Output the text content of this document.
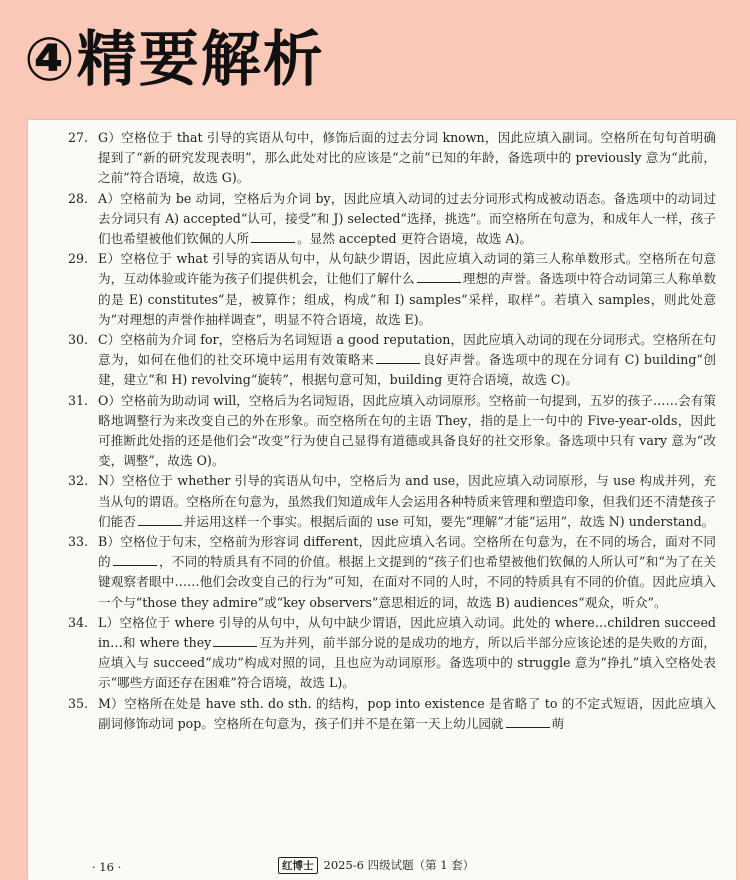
④精要解析

27. G）空格位于 that 引导的宾语从句中，修饰后面的过去分词 known，因此应填入副词。空格所在句句首明确提到了“新的研究发现表明”，那么此处对比的应该是“之前”已知的年龄，备选项中的 previously 意为“此前，之前”符合语境，故选 G)。

28. A）空格前为 be 动词，空格后为介词 by，因此应填入动词的过去分词形式构成被动语态。备选项中的动词过去分词只有 A) accepted“认可，接受”和 J) selected“选择，挑选”。而空格所在句意为，和成年人一样，孩子们也希望被他们钦佩的人所	。显然 accepted 更符合语境，故选 A)。

29. E）空格位于 what 引导的宾语从句中，从句缺少谓语，因此应填入动词的第三人称单数形式。空格所在句意为，互动体验或许能为孩子们提供机会，让他们了解什么	理想的声誉。备选项中符合动词第三人称单数的是 E) constitutes“是，被算作；组成，构成”和 I) samples“采样，取样”。若填入 samples，则此处意为“对理想的声誉作抽样调查”，明显不符合语境，故选 E)。

30. C）空格前为介词 for，空格后为名词短语 a good reputation，因此应填入动词的现在分词形式。空格所在句意为，如何在他们的社交环境中运用有效策略来	良好声誉。备选项中的现在分词有 C) building“创建，建立”和 H) revolving“旋转”，根据句意可知，building 更符合语境，故选 C)。

31. O）空格前为助动词 will，空格后为名词短语，因此应填入动词原形。空格前一句提到，五岁的孩子……会有策略地调整行为来改变自己的外在形象。而空格所在句的主语 They，指的是上一句中的 Five-year-olds，因此可推断此处指的还是他们会“改变”行为使自己显得有道德或具备良好的社交形象。备选项中只有 vary 意为“改变，调整”，故选 O)。

32. N）空格位于 whether 引导的宾语从句中，空格后为 and use，因此应填入动词原形，与 use 构成并列，充当从句的谓语。空格所在句意为，虽然我们知道成年人会运用各种特质来管理和塑造印象，但我们还不清楚孩子们能否	并运用这样一个事实。根据后面的 use 可知，要先“理解”才能“运用”，故选 N) understand。

33. B）空格位于句末，空格前为形容词 different，因此应填入名词。空格所在句意为，在不同的场合，面对不同的	，不同的特质具有不同的价值。根据上文提到的“孩子们也希望被他们钦佩的人所认可”和“为了在关键观察者眼中……他们会改变自己的行为”可知，在面对不同的人时，不同的特质具有不同的价值。因此应填入一个与“those they admire”或“key observers”意思相近的词，故选 B) audiences“观众，听众”。

34. L）空格位于 where 引导的从句中，从句中缺少谓语，因此应填入动词。此处的 where…children succeed in…和 where they	互为并列，前半部分说的是成功的地方，所以后半部分应该论述的是失败的方面，应填入与 succeed“成功”构成对照的词，且也应为动词原形。备选项中的 struggle 意为“挣扎”填入空格处表示“哪些方面还存在困难”符合语境，故选 L)。

35. M）空格所在处是 have sth. do sth. 的结构，pop into existence 是省略了 to 的不定式短语，因此应填入副词修饰动词 pop。空格所在句意为，孩子们并不是在第一天上幼儿园就	萌

· 16 ·	红博士 2025-6 四级试题（第 1 套）
